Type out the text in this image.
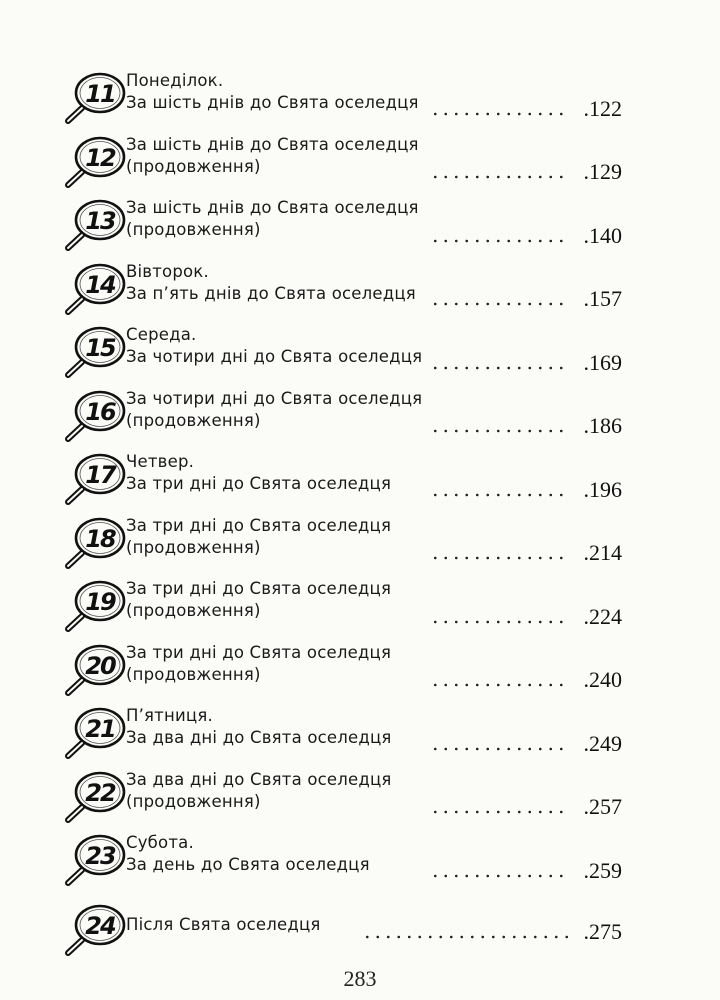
11 Понеділок.
За шість днів до Свята оселедця	.122
12 За шість днів до Свята оселедця
(продовження)	.129
13 За шість днів до Свята оселедця
(продовження)	.140
14 Вівторок.
За п’ять днів до Свята оселедця	.157
15 Середа.
За чотири дні до Свята оселедця	.169
16 За чотири дні до Свята оселедця
(продовження)	.186
17 Четвер.
За три дні до Свята оселедця	.196
18 За три дні до Свята оселедця
(продовження)	.214
19 За три дні до Свята оселедця
(продовження)	.224
20 За три дні до Свята оселедця
(продовження)	.240
21 П’ятниця.
За два дні до Свята оселедця	.249
22 За два дні до Свята оселедця
(продовження)	.257
23 Субота.
За день до Свята оселедця	.259
24 Після Свята оселедця	.275
283
